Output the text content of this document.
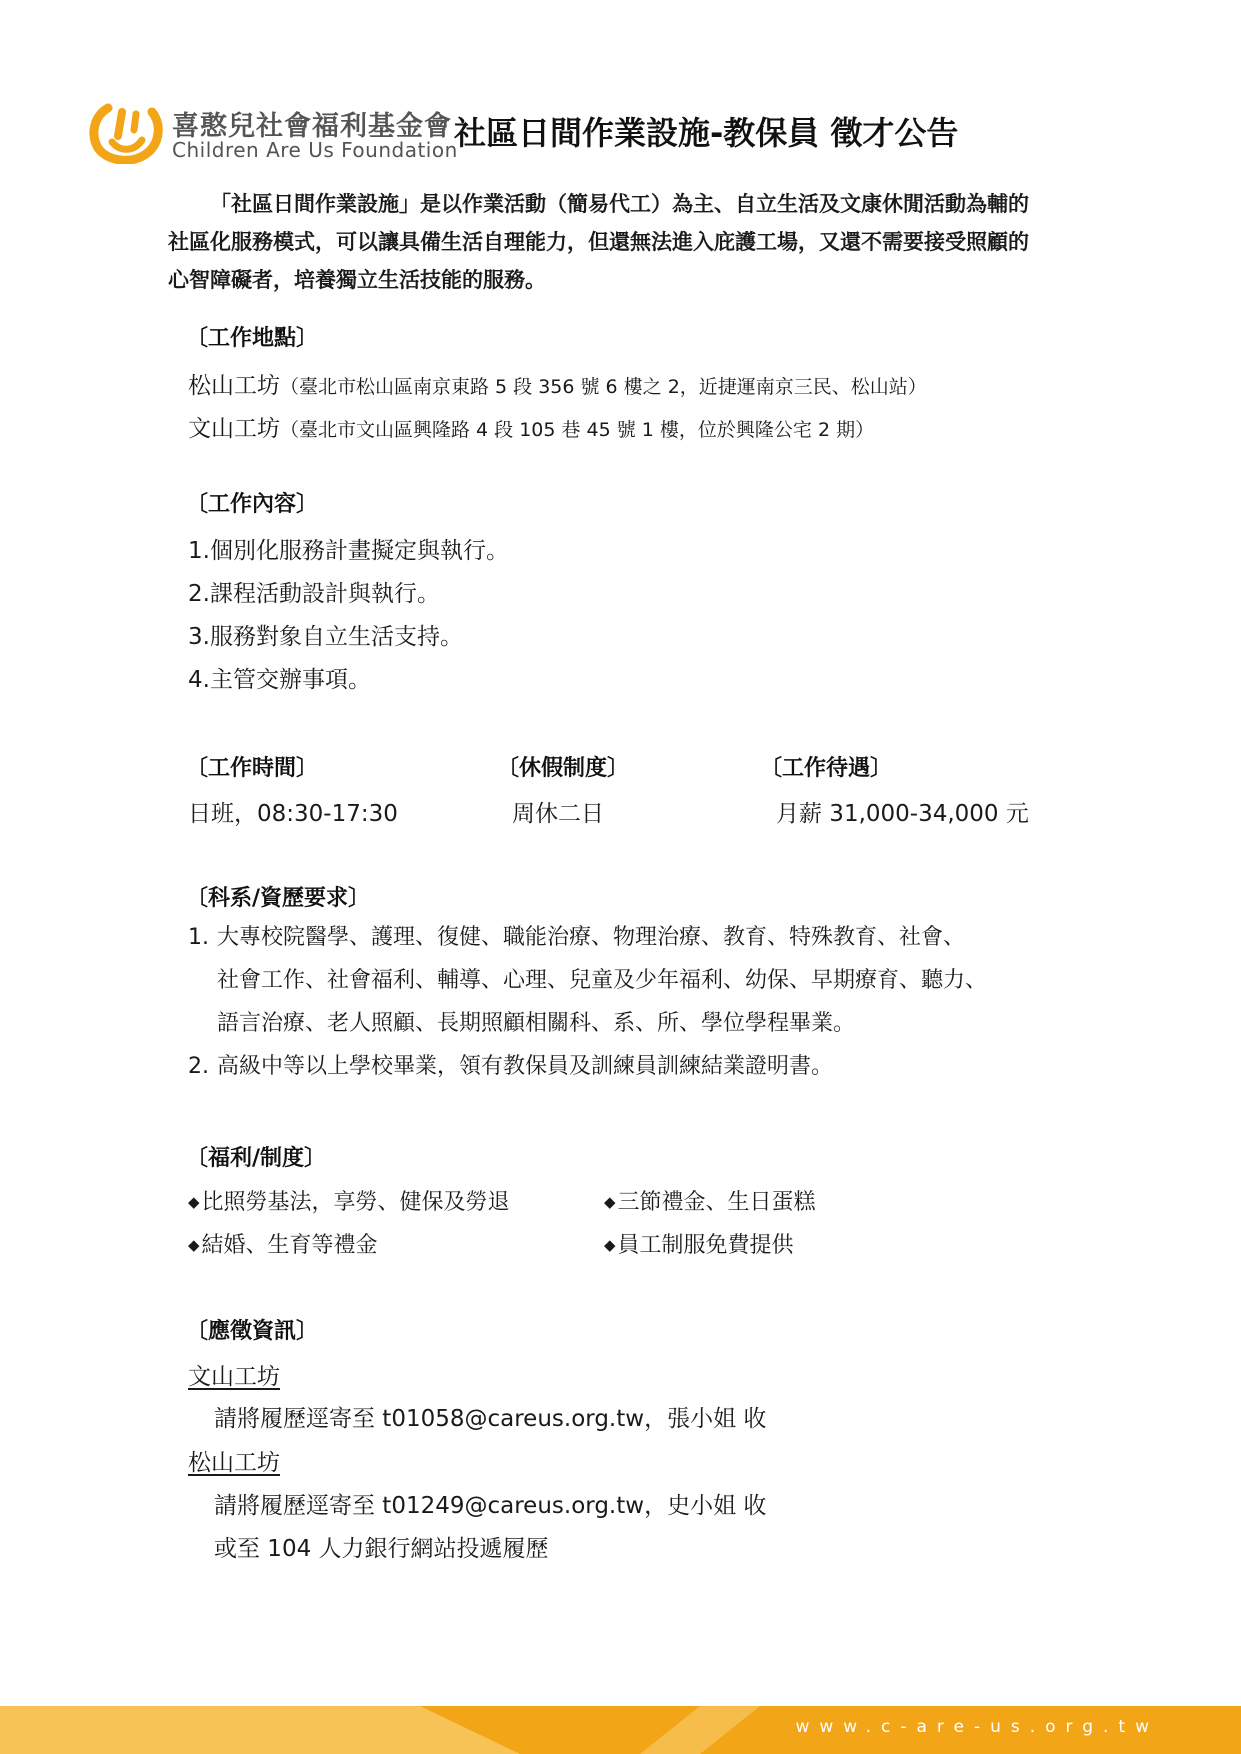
喜憨兒社會福利基金會
Children Are Us Foundation
社區日間作業設施-教保員 徵才公告
「社區日間作業設施」是以作業活動（簡易代工）為主、自立生活及文康休閒活動為輔的
社區化服務模式，可以讓具備生活自理能力，但還無法進入庇護工場，又還不需要接受照顧的
心智障礙者，培養獨立生活技能的服務。
〔工作地點〕
松山工坊（臺北市松山區南京東路 5 段 356 號 6 樓之 2，近捷運南京三民、松山站）
文山工坊（臺北市文山區興隆路 4 段 105 巷 45 號 1 樓，位於興隆公宅 2 期）
〔工作內容〕
1.個別化服務計畫擬定與執行。
2.課程活動設計與執行。
3.服務對象自立生活支持。
4.主管交辦事項。
〔工作時間〕
日班，08:30-17:30
〔休假制度〕
周休二日
〔工作待遇〕
月薪 31,000-34,000 元
〔科系/資歷要求〕
1. 大專校院醫學、護理、復健、職能治療、物理治療、教育、特殊教育、社會、
社會工作、社會福利、輔導、心理、兒童及少年福利、幼保、早期療育、聽力、
語言治療、老人照顧、長期照顧相關科、系、所、學位學程畢業。
2. 高級中等以上學校畢業，領有教保員及訓練員訓練結業證明書。
〔福利/制度〕
◆比照勞基法，享勞、健保及勞退	◆三節禮金、生日蛋糕
◆結婚、生育等禮金	◆員工制服免費提供
〔應徵資訊〕
文山工坊
請將履歷逕寄至 t01058@careus.org.tw，張小姐 收
松山工坊
請將履歷逕寄至 t01249@careus.org.tw，史小姐 收
或至 104 人力銀行網站投遞履歷
www.c-are-us.org.tw
